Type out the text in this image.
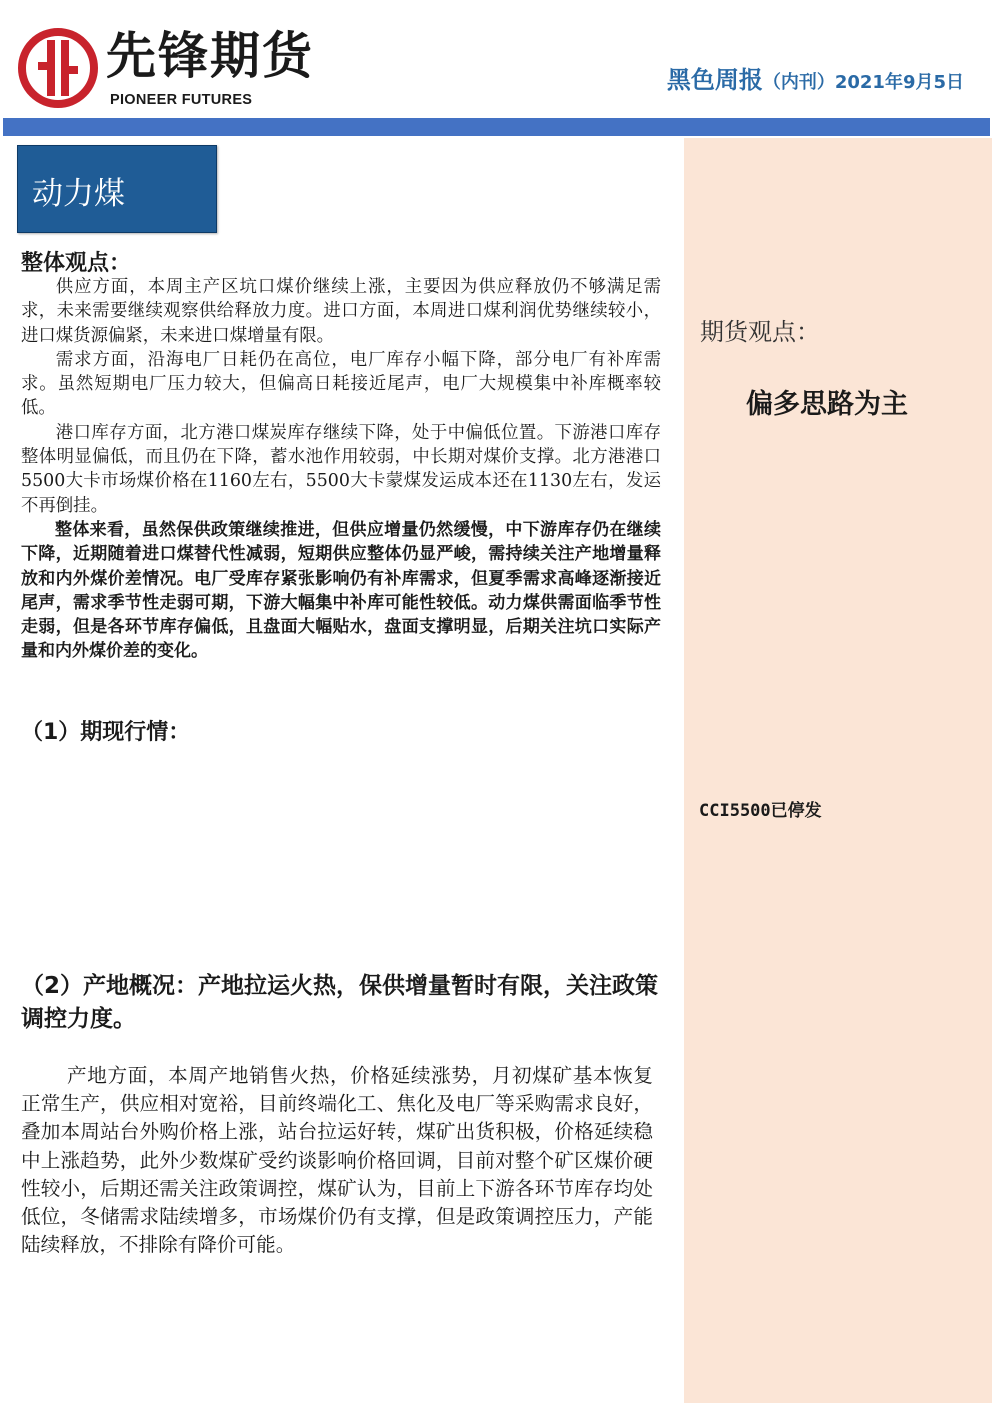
先锋期货
PIONEER FUTURES
黑色周报（内刊）2021年9月5日
动力煤
整体观点：

供应方面，本周主产区坑口煤价继续上涨，主要因为供应释放仍不够满足需求，未来需要继续观察供给释放力度。进口方面，本周进口煤利润优势继续较小，进口煤货源偏紧，未来进口煤增量有限。

需求方面，沿海电厂日耗仍在高位，电厂库存小幅下降，部分电厂有补库需求。虽然短期电厂压力较大，但偏高日耗接近尾声，电厂大规模集中补库概率较低。

港口库存方面，北方港口煤炭库存继续下降，处于中偏低位置。下游港口库存整体明显偏低，而且仍在下降，蓄水池作用较弱，中长期对煤价支撑。北方港港口5500大卡市场煤价格在1160左右，5500大卡蒙煤发运成本还在1130左右，发运不再倒挂。

整体来看，虽然保供政策继续推进，但供应增量仍然缓慢，中下游库存仍在继续下降，近期随着进口煤替代性减弱，短期供应整体仍显严峻，需持续关注产地增量释放和内外煤价差情况。电厂受库存紧张影响仍有补库需求，但夏季需求高峰逐渐接近尾声，需求季节性走弱可期，下游大幅集中补库可能性较低。动力煤供需面临季节性走弱，但是各环节库存偏低，且盘面大幅贴水，盘面支撑明显，后期关注坑口实际产量和内外煤价差的变化。

（1）期现行情：
（2）产地概况：产地拉运火热，保供增量暂时有限，关注政策调控力度。

产地方面，本周产地销售火热，价格延续涨势，月初煤矿基本恢复正常生产，供应相对宽裕，目前终端化工、焦化及电厂等采购需求良好，叠加本周站台外购价格上涨，站台拉运好转，煤矿出货积极，价格延续稳中上涨趋势，此外少数煤矿受约谈影响价格回调，目前对整个矿区煤价硬性较小，后期还需关注政策调控，煤矿认为，目前上下游各环节库存均处低位，冬储需求陆续增多，市场煤价仍有支撑，但是政策调控压力，产能陆续释放，不排除有降价可能。

期货观点：
偏多思路为主
CCI5500已停发
